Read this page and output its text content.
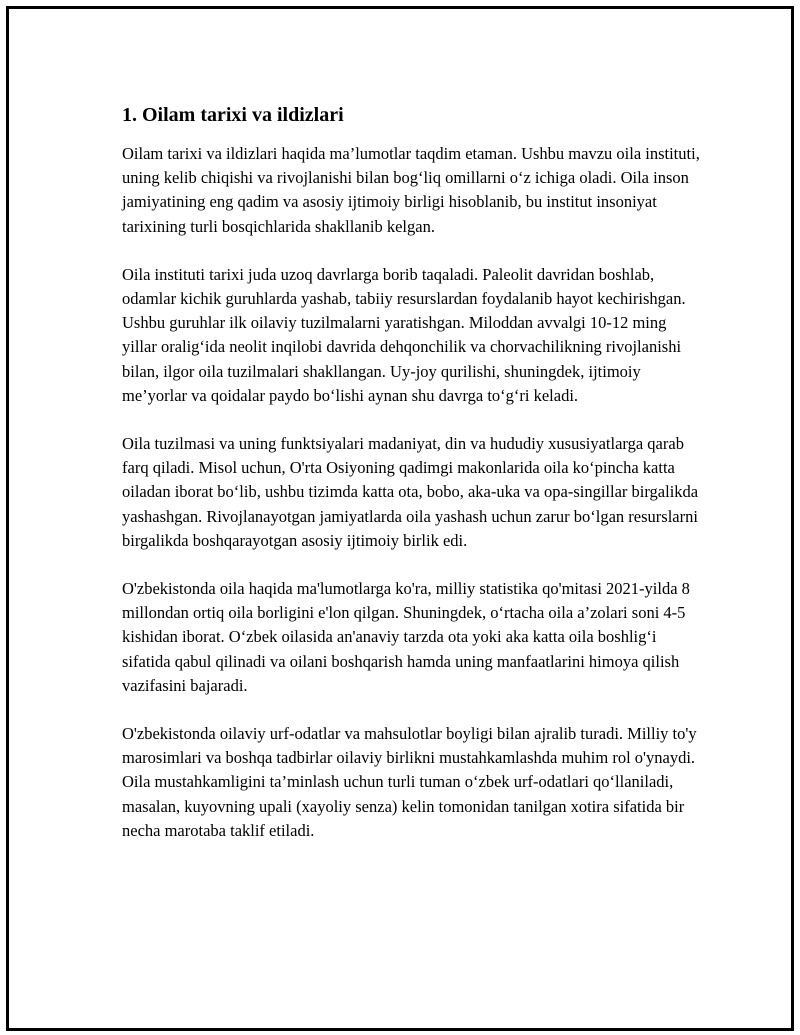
1. Oilam tarixi va ildizlari

Oilam tarixi va ildizlari haqida ma’lumotlar taqdim etaman. Ushbu mavzu oila instituti, uning kelib chiqishi va rivojlanishi bilan bog‘liq omillarni o‘z ichiga oladi. Oila inson jamiyatining eng qadim va asosiy ijtimoiy birligi hisoblanib, bu institut insoniyat tarixining turli bosqichlarida shakllanib kelgan.

Oila instituti tarixi juda uzoq davrlarga borib taqaladi. Paleolit davridan boshlab, odamlar kichik guruhlarda yashab, tabiiy resurslardan foydalanib hayot kechirishgan. Ushbu guruhlar ilk oilaviy tuzilmalarni yaratishgan. Miloddan avvalgi 10-12 ming yillar oralig‘ida neolit inqilobi davrida dehqonchilik va chorvachilikning rivojlanishi bilan, ilgor oila tuzilmalari shakllangan. Uy-joy qurilishi, shuningdek, ijtimoiy me’yorlar va qoidalar paydo bo‘lishi aynan shu davrga to‘g‘ri keladi.

Oila tuzilmasi va uning funktsiyalari madaniyat, din va hududiy xususiyatlarga qarab farq qiladi. Misol uchun, O'rta Osiyoning qadimgi makonlarida oila ko‘pincha katta oiladan iborat bo‘lib, ushbu tizimda katta ota, bobo, aka-uka va opa-singillar birgalikda yashashgan. Rivojlanayotgan jamiyatlarda oila yashash uchun zarur bo‘lgan resurslarni birgalikda boshqarayotgan asosiy ijtimoiy birlik edi.

O'zbekistonda oila haqida ma'lumotlarga ko'ra, milliy statistika qo'mitasi 2021-yilda 8 millondan ortiq oila borligini e'lon qilgan. Shuningdek, o‘rtacha oila a’zolari soni 4-5 kishidan iborat. O‘zbek oilasida an'anaviy tarzda ota yoki aka katta oila boshlig‘i sifatida qabul qilinadi va oilani boshqarish hamda uning manfaatlarini himoya qilish vazifasini bajaradi.

O'zbekistonda oilaviy urf-odatlar va mahsulotlar boyligi bilan ajralib turadi. Milliy to'y marosimlari va boshqa tadbirlar oilaviy birlikni mustahkamlashda muhim rol o'ynaydi. Oila mustahkamligini ta’minlash uchun turli tuman o‘zbek urf-odatlari qo‘llaniladi, masalan, kuyovning upali (xayoliy senza) kelin tomonidan tanilgan xotira sifatida bir necha marotaba taklif etiladi.
